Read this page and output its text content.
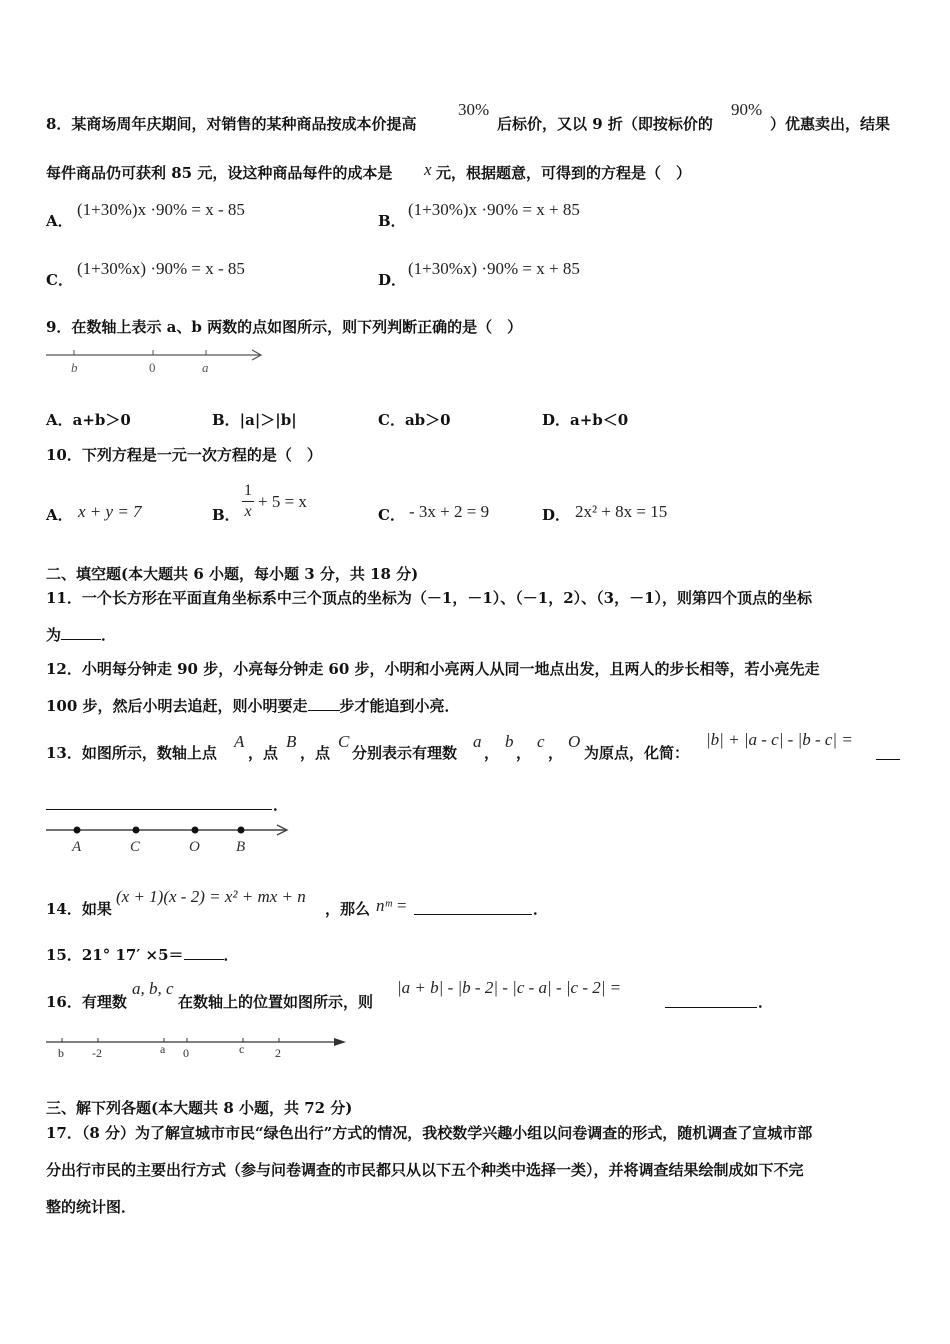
8．某商场周年庆期间，对销售的某种商品按成本价提高
30%
后标价，又以 9 折（即按标价的
90%
）优惠卖出，结果
每件商品仍可获利 85 元，设这种商品每件的成本是 x 元，根据题意，可得到的方程是（　）
A．
(1+30%)x ·90% = x - 85
B．
(1+30%)x ·90% = x + 85
C．
(1+30%x) ·90% = x - 85
D．
(1+30%x) ·90% = x + 85
9．在数轴上表示 a、b 两数的点如图所示，则下列判断正确的是（　）
b	0	a
A．a+b＞0	B．|a|＞|b|	C．ab＞0	D．a+b＜0
10．下列方程是一元一次方程的是（　）
A． x + y = 7	B．
1
x
+ 5 = x
C． - 3x + 2 = 9	D． 2x² + 8x = 15
二、填空题(本大题共 6 小题，每小题 3 分，共 18 分)
11．一个长方形在平面直角坐标系中三个顶点的坐标为（－1，－1）、（－1，2）、（3，－1），则第四个顶点的坐标
为	．
12．小明每分钟走 90 步，小亮每分钟走 60 步，小明和小亮两人从同一地点出发，且两人的步长相等，若小亮先走
100 步，然后小明去追赶，则小明要走 步才能追到小亮．
13．如图所示，数轴上点
A
，点
B
，点
C
分别表示有理数
a
，
b
，
c
，
O
为原点，化简：
|b| + |a - c| - |b - c| =
．
A	C	O B
14．如果
(x + 1)(x - 2) = x² + mx + n
，那么 nᵐ =	．
15．21° 17′ ×5＝	．
16．有理数
a, b, c
在数轴上的位置如图所示，则
|a + b| - |b - 2| - |c - a| - |c - 2| =
．
b -2	a 0	c	2
三、解下列各题(本大题共 8 小题，共 72 分)
17．（8 分）为了解宣城市市民“绿色出行”方式的情况，我校数学兴趣小组以问卷调查的形式，随机调查了宣城市部
分出行市民的主要出行方式（参与问卷调查的市民都只从以下五个种类中选择一类），并将调查结果绘制成如下不完
整的统计图．
